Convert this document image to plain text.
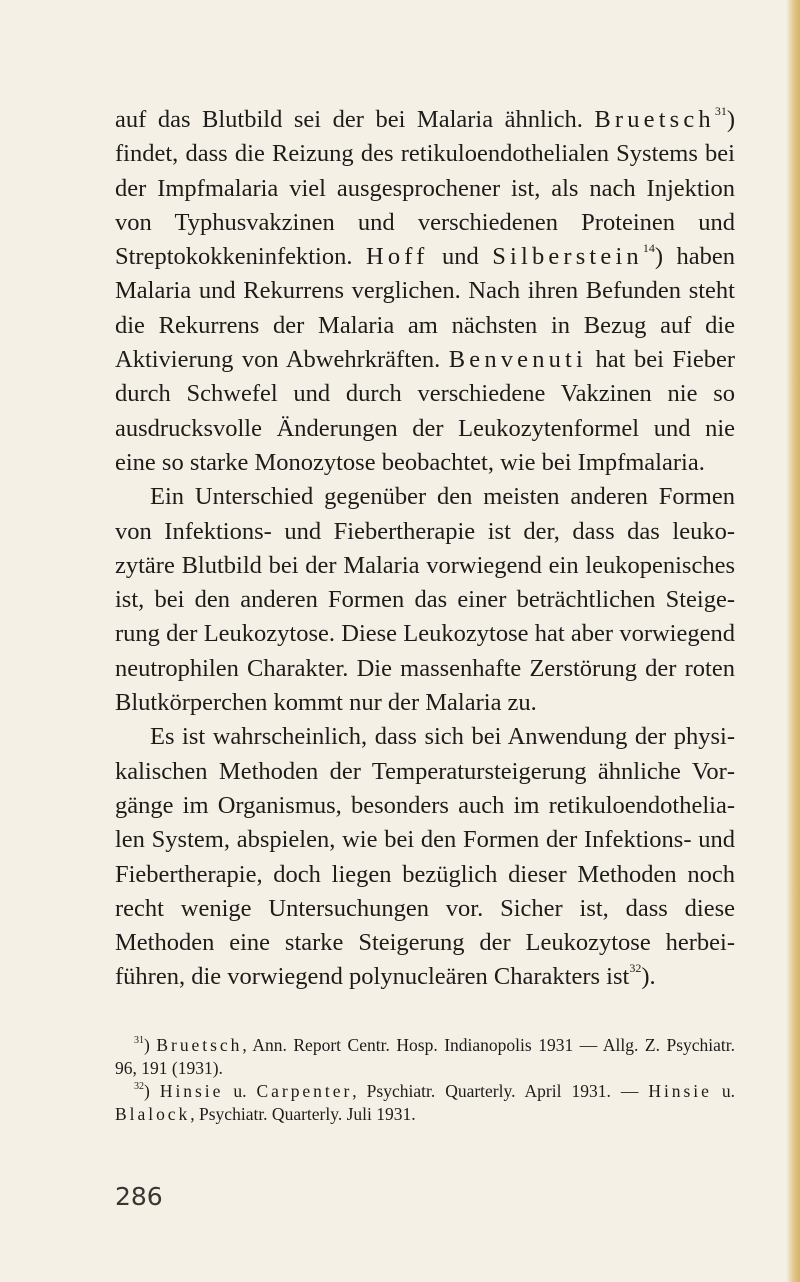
auf das Blutbild sei der bei Malaria ähnlich. Bruetsch$^{31}$) findet, dass die Reizung des retikuloendothelialen Systems bei der Impfmalaria viel ausgesprochener ist, als nach Injektion von Typhusvakzinen und verschiedenen Proteinen und Streptokokkeninfektion. Hoff und Silberstein$^{14}$) haben Malaria und Rekurrens verglichen. Nach ihren Befunden steht die Rekurrens der Malaria am nächsten in Bezug auf die Aktivierung von Abwehrkräften. Benvenuti hat bei Fieber durch Schwefel und durch verschiedene Vakzinen nie so ausdrucksvolle Änderungen der Leukozytenformel und nie eine so starke Monozytose beobachtet, wie bei Impfmalaria.

Ein Unterschied gegenüber den meisten anderen Formen von Infektions- und Fiebertherapie ist der, dass das leukozytäre Blutbild bei der Malaria vorwiegend ein leukopenisches ist, bei den anderen Formen das einer beträchtlichen Steigerung der Leukozytose. Diese Leukozytose hat aber vorwiegend neutrophilen Charakter. Die massenhafte Zerstörung der roten Blutkörperchen kommt nur der Malaria zu.

Es ist wahrscheinlich, dass sich bei Anwendung der physikalischen Methoden der Temperatursteigerung ähnliche Vorgänge im Organismus, besonders auch im retikuloendothelialen System, abspielen, wie bei den Formen der Infektions- und Fiebertherapie, doch liegen bezüglich dieser Methoden noch recht wenige Untersuchungen vor. Sicher ist, dass diese Methoden eine starke Steigerung der Leukozytose herbeiführen, die vorwiegend polynucleären Charakters ist$^{32}$).

$^{31}$) Bruetsch, Ann. Report Centr. Hosp. Indianopolis 1931 — Allg. Z. Psychiatr. 96, 191 (1931).

$^{32}$) Hinsie u. Carpenter, Psychiatr. Quarterly. April 1931. — Hinsie u. Blalock, Psychiatr. Quarterly. Juli 1931.

286
